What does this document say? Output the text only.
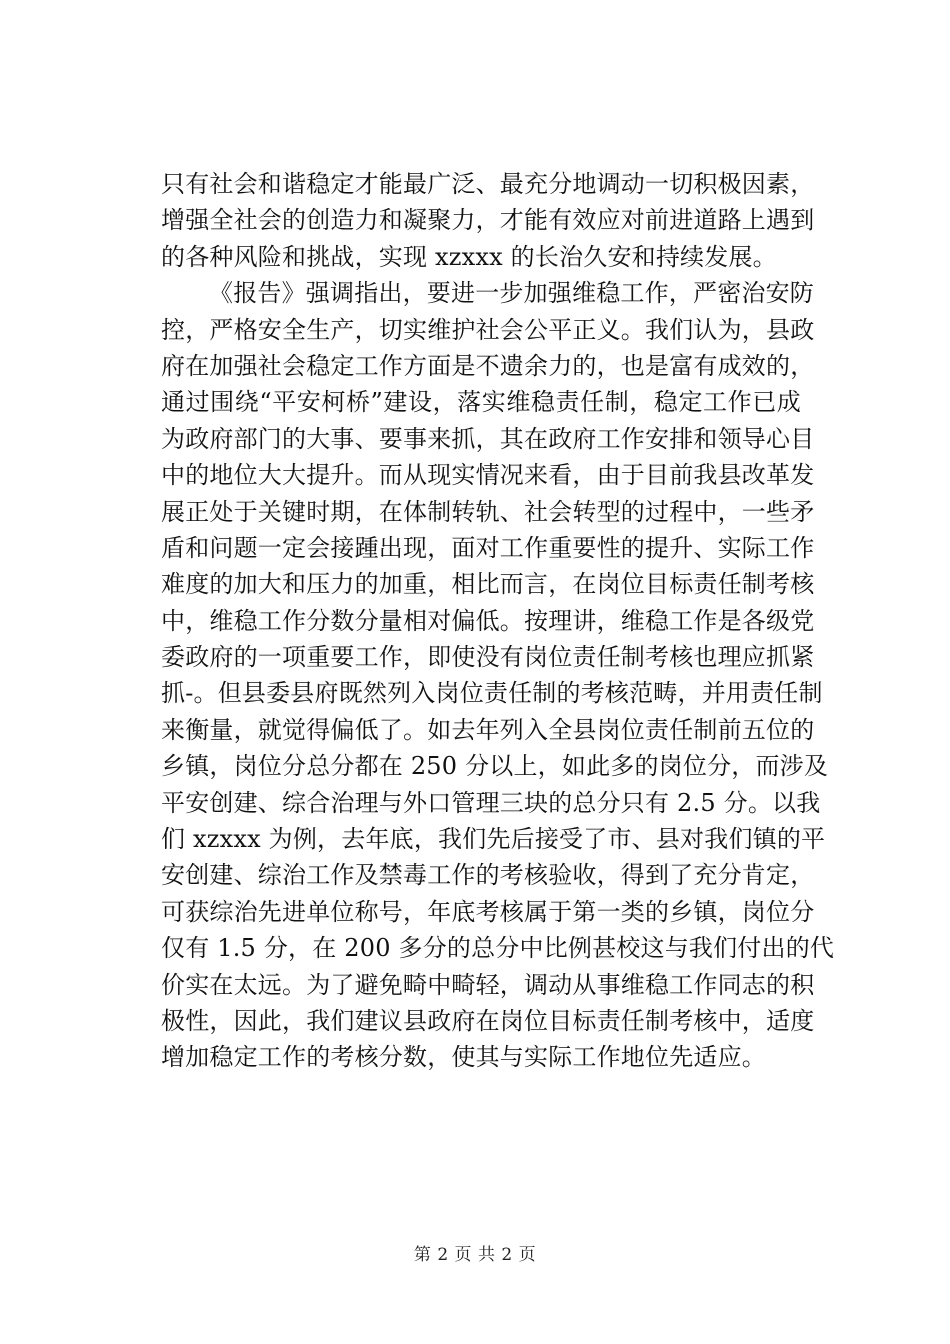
只有社会和谐稳定才能最广泛、最充分地调动一切积极因素，
增强全社会的创造力和凝聚力，才能有效应对前进道路上遇到
的各种风险和挑战，实现 xzxxx 的长治久安和持续发展。
《报告》强调指出，要进一步加强维稳工作，严密治安防
控，严格安全生产，切实维护社会公平正义。我们认为，县政
府在加强社会稳定工作方面是不遗余力的，也是富有成效的，
通过围绕“平安柯桥”建设，落实维稳责任制，稳定工作已成
为政府部门的大事、要事来抓，其在政府工作安排和领导心目
中的地位大大提升。而从现实情况来看，由于目前我县改革发
展正处于关键时期，在体制转轨、社会转型的过程中，一些矛
盾和问题一定会接踵出现，面对工作重要性的提升、实际工作
难度的加大和压力的加重，相比而言，在岗位目标责任制考核
中，维稳工作分数分量相对偏低。按理讲，维稳工作是各级党
委政府的一项重要工作，即使没有岗位责任制考核也理应抓紧
抓-。但县委县府既然列入岗位责任制的考核范畴，并用责任制
来衡量，就觉得偏低了。如去年列入全县岗位责任制前五位的
乡镇，岗位分总分都在 250 分以上，如此多的岗位分，而涉及
平安创建、综合治理与外口管理三块的总分只有 2.5 分。以我
们 xzxxx 为例，去年底，我们先后接受了市、县对我们镇的平
安创建、综治工作及禁毒工作的考核验收，得到了充分肯定，
可获综治先进单位称号，年底考核属于第一类的乡镇，岗位分
仅有 1.5 分，在 200 多分的总分中比例甚校这与我们付出的代
价实在太远。为了避免畸中畸轻，调动从事维稳工作同志的积
极性，因此，我们建议县政府在岗位目标责任制考核中，适度
增加稳定工作的考核分数，使其与实际工作地位先适应。
第 2 页 共 2 页
